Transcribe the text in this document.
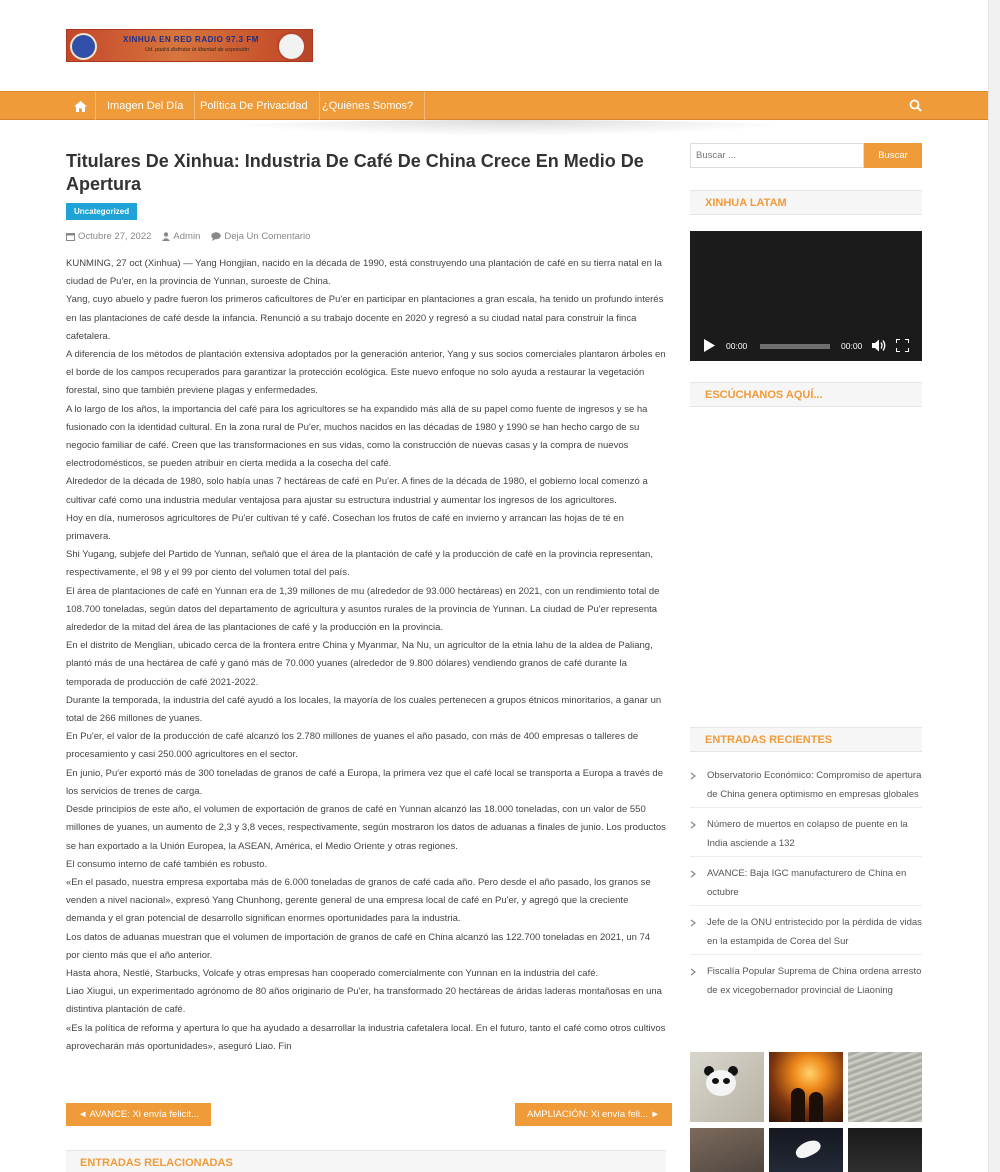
XINHUA EN RED RADIO 97.3 FM
Ud. podrá disfrutar la libertad de expresión
Imagen Del Día	Política De Privacidad	¿Quiénes Somos?
Titulares De Xinhua: Industria De Café De China Crece En Medio De Apertura
Uncategorized
Octubre 27, 2022 Admin	Deja Un Comentario

KUNMING, 27 oct (Xinhua) — Yang Hongjian, nacido en la década de 1990, está construyendo una plantación de café en su tierra natal en la ciudad de Pu'er, en la provincia de Yunnan, suroeste de China.

Yang, cuyo abuelo y padre fueron los primeros caficultores de Pu'er en participar en plantaciones a gran escala, ha tenido un profundo interés en las plantaciones de café desde la infancia. Renunció a su trabajo docente en 2020 y regresó a su ciudad natal para construir la finca cafetalera.

A diferencia de los métodos de plantación extensiva adoptados por la generación anterior, Yang y sus socios comerciales plantaron árboles en el borde de los campos recuperados para garantizar la protección ecológica. Este nuevo enfoque no solo ayuda a restaurar la vegetación forestal, sino que también previene plagas y enfermedades.

A lo largo de los años, la importancia del café para los agricultores se ha expandido más allá de su papel como fuente de ingresos y se ha fusionado con la identidad cultural. En la zona rural de Pu'er, muchos nacidos en las décadas de 1980 y 1990 se han hecho cargo de su negocio familiar de café. Creen que las transformaciones en sus vidas, como la construcción de nuevas casas y la compra de nuevos electrodomésticos, se pueden atribuir en cierta medida a la cosecha del café.

Alrededor de la década de 1980, solo había unas 7 hectáreas de café en Pu'er. A fines de la década de 1980, el gobierno local comenzó a cultivar café como una industria medular ventajosa para ajustar su estructura industrial y aumentar los ingresos de los agricultores.

Hoy en día, numerosos agricultores de Pu'er cultivan té y café. Cosechan los frutos de café en invierno y arrancan las hojas de té en primavera.

Shi Yugang, subjefe del Partido de Yunnan, señaló que el área de la plantación de café y la producción de café en la provincia representan, respectivamente, el 98 y el 99 por ciento del volumen total del país.

El área de plantaciones de café en Yunnan era de 1,39 millones de mu (alrededor de 93.000 hectáreas) en 2021, con un rendimiento total de 108.700 toneladas, según datos del departamento de agricultura y asuntos rurales de la provincia de Yunnan. La ciudad de Pu'er representa alrededor de la mitad del área de las plantaciones de café y la producción en la provincia.

En el distrito de Menglian, ubicado cerca de la frontera entre China y Myanmar, Na Nu, un agricultor de la etnia lahu de la aldea de Paliang, plantó más de una hectárea de café y ganó más de 70.000 yuanes (alrededor de 9.800 dólares) vendiendo granos de café durante la temporada de producción de café 2021-2022.

Durante la temporada, la industria del café ayudó a los locales, la mayoría de los cuales pertenecen a grupos étnicos minoritarios, a ganar un total de 266 millones de yuanes.

En Pu'er, el valor de la producción de café alcanzó los 2.780 millones de yuanes el año pasado, con más de 400 empresas o talleres de procesamiento y casi 250.000 agricultores en el sector.

En junio, Pu'er exportó más de 300 toneladas de granos de café a Europa, la primera vez que el café local se transporta a Europa a través de los servicios de trenes de carga.

Desde principios de este año, el volumen de exportación de granos de café en Yunnan alcanzó las 18.000 toneladas, con un valor de 550 millones de yuanes, un aumento de 2,3 y 3,8 veces, respectivamente, según mostraron los datos de aduanas a finales de junio. Los productos se han exportado a la Unión Europea, la ASEAN, América, el Medio Oriente y otras regiones.

El consumo interno de café también es robusto.

«En el pasado, nuestra empresa exportaba más de 6.000 toneladas de granos de café cada año. Pero desde el año pasado, los granos se venden a nivel nacional», expresó Yang Chunhong, gerente general de una empresa local de café en Pu'er, y agregó que la creciente demanda y el gran potencial de desarrollo significan enormes oportunidades para la industria.

Los datos de aduanas muestran que el volumen de importación de granos de café en China alcanzó las 122.700 toneladas en 2021, un 74 por ciento más que el año anterior.

Hasta ahora, Nestlé, Starbucks, Volcafe y otras empresas han cooperado comercialmente con Yunnan en la industria del café.

Liao Xiugui, un experimentado agrónomo de 80 años originario de Pu'er, ha transformado 20 hectáreas de áridas laderas montañosas en una distintiva plantación de café.

«Es la política de reforma y apertura lo que ha ayudado a desarrollar la industria cafetalera local. En el futuro, tanto el café como otros cultivos aprovecharán más oportunidades», aseguró Liao. Fin

◄ AVANCE: Xi envía felicit...	AMPLIACIÓN: Xi envía feli... ►
ENTRADAS RELACIONADAS
Buscar ...
Buscar
XINHUA LATAM
00:00	00:00
ESCÚCHANOS AQUÍ...
ENTRADAS RECIENTES
Observatorio Económico: Compromiso de apertura de China genera optimismo en empresas globales
Número de muertos en colapso de puente en la India asciende a 132
AVANCE: Baja IGC manufacturero de China en octubre
Jefe de la ONU entristecido por la pérdida de vidas en la estampida de Corea del Sur
Fiscalía Popular Suprema de China ordena arresto de ex vicegobernador provincial de Liaoning
